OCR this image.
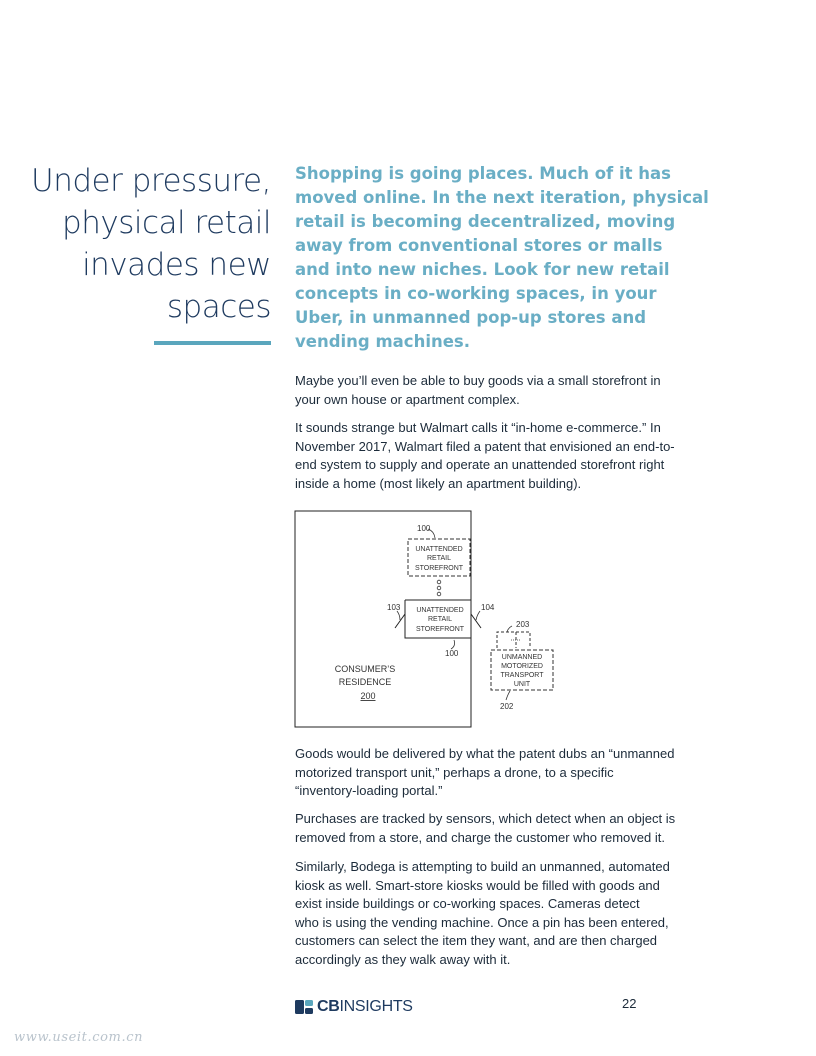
Under pressure,
physical retail
invades new
spaces

Shopping is going places. Much of it has
moved online. In the next iteration, physical
retail is becoming decentralized, moving
away from conventional stores or malls
and into new niches. Look for new retail
concepts in co-working spaces, in your
Uber, in unmanned pop-up stores and
vending machines.

Maybe you’ll even be able to buy goods via a small storefront in
your own house or apartment complex.

It sounds strange but Walmart calls it “in-home e-commerce.” In
November 2017, Walmart filed a patent that envisioned an end-to-
end system to supply and operate an unattended storefront right
inside a home (most likely an apartment building).

100
UNATTENDED
RETAIL
STOREFRONT
UNATTENDED
RETAIL
STOREFRONT
103	104
100
203
UNMANNED
MOTORIZED
TRANSPORT
UNIT
202
CONSUMER’S
RESIDENCE
200

Goods would be delivered by what the patent dubs an “unmanned
motorized transport unit,” perhaps a drone, to a specific
“inventory-loading portal.”

Purchases are tracked by sensors, which detect when an object is
removed from a store, and charge the customer who removed it.

Similarly, Bodega is attempting to build an unmanned, automated
kiosk as well. Smart-store kiosks would be filled with goods and
exist inside buildings or co-working spaces. Cameras detect
who is using the vending machine. Once a pin has been entered,
customers can select the item they want, and are then charged
accordingly as they walk away with it.

CBINSIGHTS	22
www.useit.com.cn
